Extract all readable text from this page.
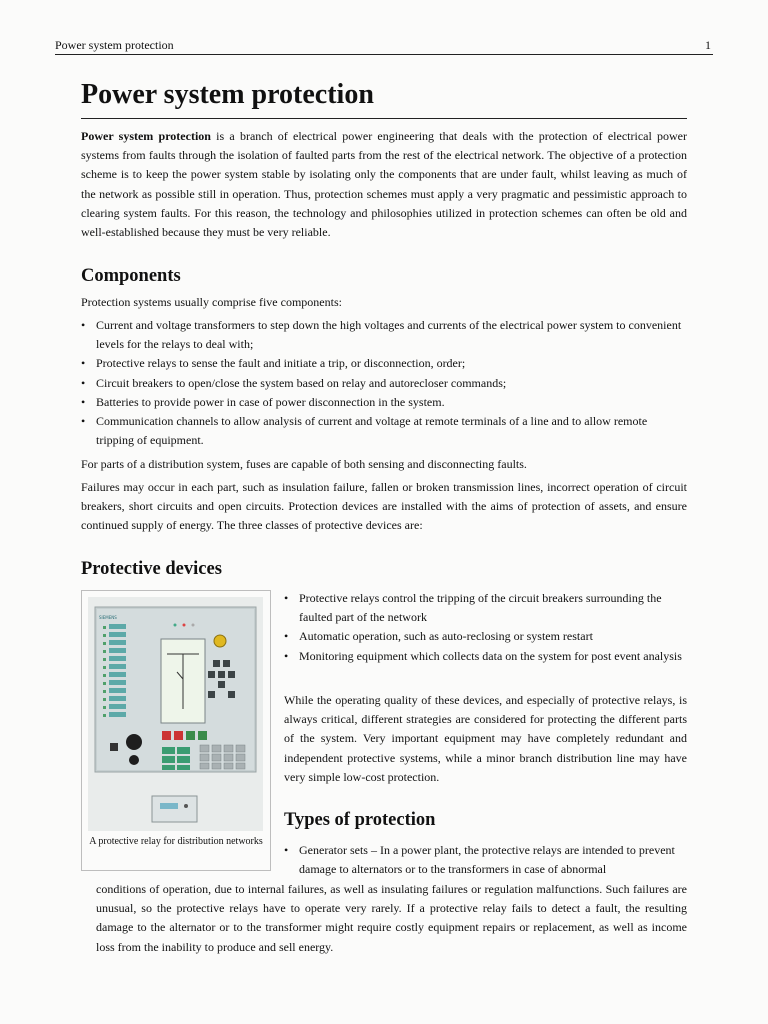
Power system protection	1
Power system protection

Power system protection is a branch of electrical power engineering that deals with the protection of electrical power systems from faults through the isolation of faulted parts from the rest of the electrical network. The objective of a protection scheme is to keep the power system stable by isolating only the components that are under fault, whilst leaving as much of the network as possible still in operation. Thus, protection schemes must apply a very pragmatic and pessimistic approach to clearing system faults. For this reason, the technology and philosophies utilized in protection schemes can often be old and well-established because they must be very reliable.

Components

Protection systems usually comprise five components:

• Current and voltage transformers to step down the high voltages and currents of the electrical power system to convenient levels for the relays to deal with;
• Protective relays to sense the fault and initiate a trip, or disconnection, order;
• Circuit breakers to open/close the system based on relay and autorecloser commands;
• Batteries to provide power in case of power disconnection in the system.
• Communication channels to allow analysis of current and voltage at remote terminals of a line and to allow remote tripping of equipment.

For parts of a distribution system, fuses are capable of both sensing and disconnecting faults.

Failures may occur in each part, such as insulation failure, fallen or broken transmission lines, incorrect operation of circuit breakers, short circuits and open circuits. Protection devices are installed with the aims of protection of assets, and ensure continued supply of energy. The three classes of protective devices are:

Protective devices
SIEMENS
A protective relay for distribution networks
• Protective relays control the tripping of the circuit breakers surrounding the faulted part of the network
• Automatic operation, such as auto-reclosing or system restart
• Monitoring equipment which collects data on the system for post event analysis

While the operating quality of these devices, and especially of protective relays, is always critical, different strategies are considered for protecting the different parts of the system. Very important equipment may have completely redundant and independent protective systems, while a minor branch distribution line may have very simple low-cost protection.

Types of protection
• Generator sets – In a power plant, the protective relays are intended to prevent damage to alternators or to the transformers in case of abnormal

conditions of operation, due to internal failures, as well as insulating failures or regulation malfunctions. Such failures are unusual, so the protective relays have to operate very rarely. If a protective relay fails to detect a fault, the resulting damage to the alternator or to the transformer might require costly equipment repairs or replacement, as well as income loss from the inability to produce and sell energy.
